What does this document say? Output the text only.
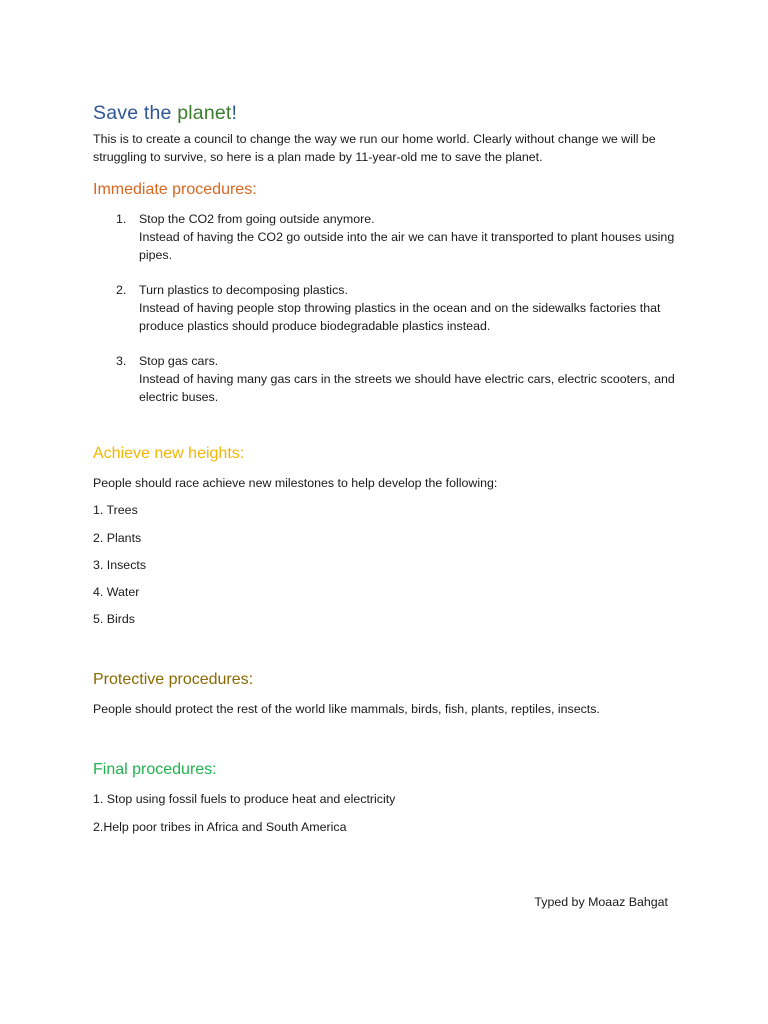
Save the planet!

This is to create a council to change the way we run our home world. Clearly without change we will be struggling to survive, so here is a plan made by 11-year-old me to save the planet.

Immediate procedures:
1. Stop the CO2 from going outside anymore.
Instead of having the CO2 go outside into the air we can have it transported to plant houses using pipes.
2. Turn plastics to decomposing plastics.
Instead of having people stop throwing plastics in the ocean and on the sidewalks factories that produce plastics should produce biodegradable plastics instead.
3. Stop gas cars.
Instead of having many gas cars in the streets we should have electric cars, electric scooters, and electric buses.
Achieve new heights:

People should race achieve new milestones to help develop the following:

1. Trees

2. Plants

3. Insects

4. Water

5. Birds

Protective procedures:

People should protect the rest of the world like mammals, birds, fish, plants, reptiles, insects.

Final procedures:

1. Stop using fossil fuels to produce heat and electricity

2.Help poor tribes in Africa and South America

Typed by Moaaz Bahgat
